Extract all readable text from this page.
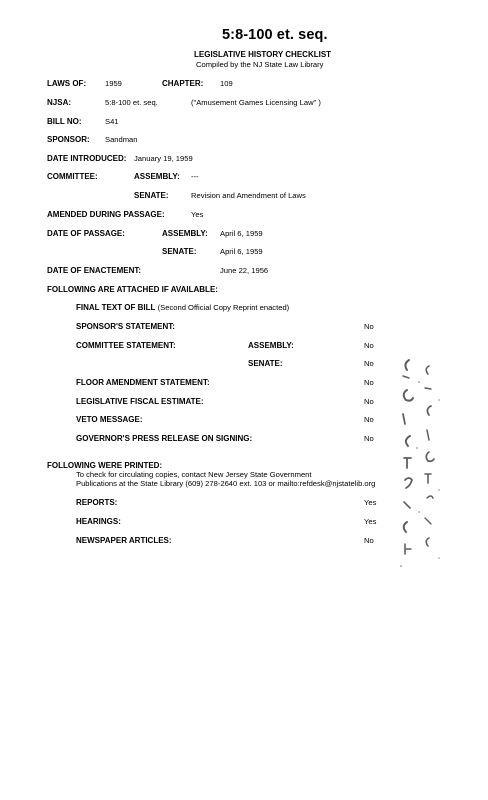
5:8-100 et. seq.
LEGISLATIVE HISTORY CHECKLIST
Compiled by the NJ State Law Library
LAWS OF: 1959	CHAPTER: 109
NJSA:	5:8-100 et. seq.	("Amusement Games Licensing Law" )
BILL NO:	S41
SPONSOR: Sandman
DATE INTRODUCED: January 19, 1959
COMMITTEE:	ASSEMBLY: ---
SENATE:	Revision and Amendment of Laws
AMENDED DURING PASSAGE:	Yes
DATE OF PASSAGE:	ASSEMBLY: April 6, 1959
SENATE:	April 6, 1959
DATE OF ENACTEMENT:	June 22, 1956
FOLLOWING ARE ATTACHED IF AVAILABLE:
FINAL TEXT OF BILL (Second Official Copy Reprint enacted)
SPONSOR'S STATEMENT:	No
COMMITTEE STATEMENT:	ASSEMBLY:	No
SENATE:	No
FLOOR AMENDMENT STATEMENT:	No
LEGISLATIVE FISCAL ESTIMATE:	No
VETO MESSAGE:	No
GOVERNOR'S PRESS RELEASE ON SIGNING:	No
FOLLOWING WERE PRINTED:
To check for circulating copies, contact New Jersey State Government
Publications at the State Library (609) 278-2640 ext. 103 or mailto:refdesk@njstatelib.org
REPORTS:	Yes
HEARINGS:	Yes
NEWSPAPER ARTICLES:	No
